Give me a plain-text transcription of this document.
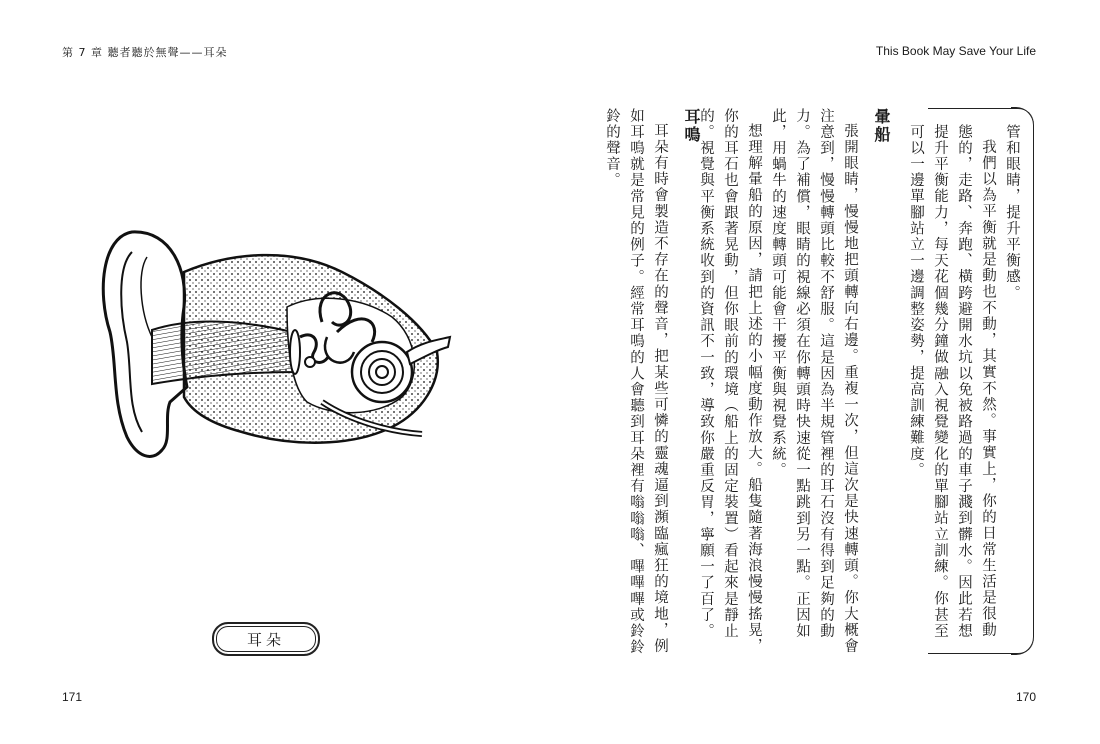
第 7 章 聽者聽於無聲——耳朵	This Book May Save Your Life
耳朵
耳鳴

耳朵有時會製造不存在的聲音，把某些可憐的靈魂逼到瀕臨瘋狂的境地，例如耳鳴就是常見的例子。經常耳鳴的人會聽到耳朵裡有嗡嗡嗡、嗶嗶嗶或鈴鈴鈴的聲音。	暈船

張開眼睛，慢慢地把頭轉向右邊。重複一次，但這次是快速轉頭。你大概會注意到，慢慢轉頭比較不舒服。這是因為半規管裡的耳石沒有得到足夠的動力。為了補償，眼睛的視線必須在你轉頭時快速從一點跳到另一點。正因如此，用蝸牛的速度轉頭可能會干擾平衡與視覺系統。

想理解暈船的原因，請把上述的小幅度動作放大。船隻隨著海浪慢慢搖晃，你的耳石也會跟著晃動，但你眼前的環境（船上的固定裝置）看起來是靜止的。視覺與平衡系統收到的資訊不一致，導致你嚴重反胃，寧願一了百了。	管和眼睛，提升平衡感。

我們以為平衡就是動也不動，其實不然。事實上，你的日常生活是很動態的，走路、奔跑、橫跨避開水坑以免被路過的車子濺到髒水。因此若想提升平衡能力，每天花個幾分鐘做融入視覺變化的單腳站立訓練。你甚至可以一邊單腳站立一邊調整姿勢，提高訓練難度。

171	170
